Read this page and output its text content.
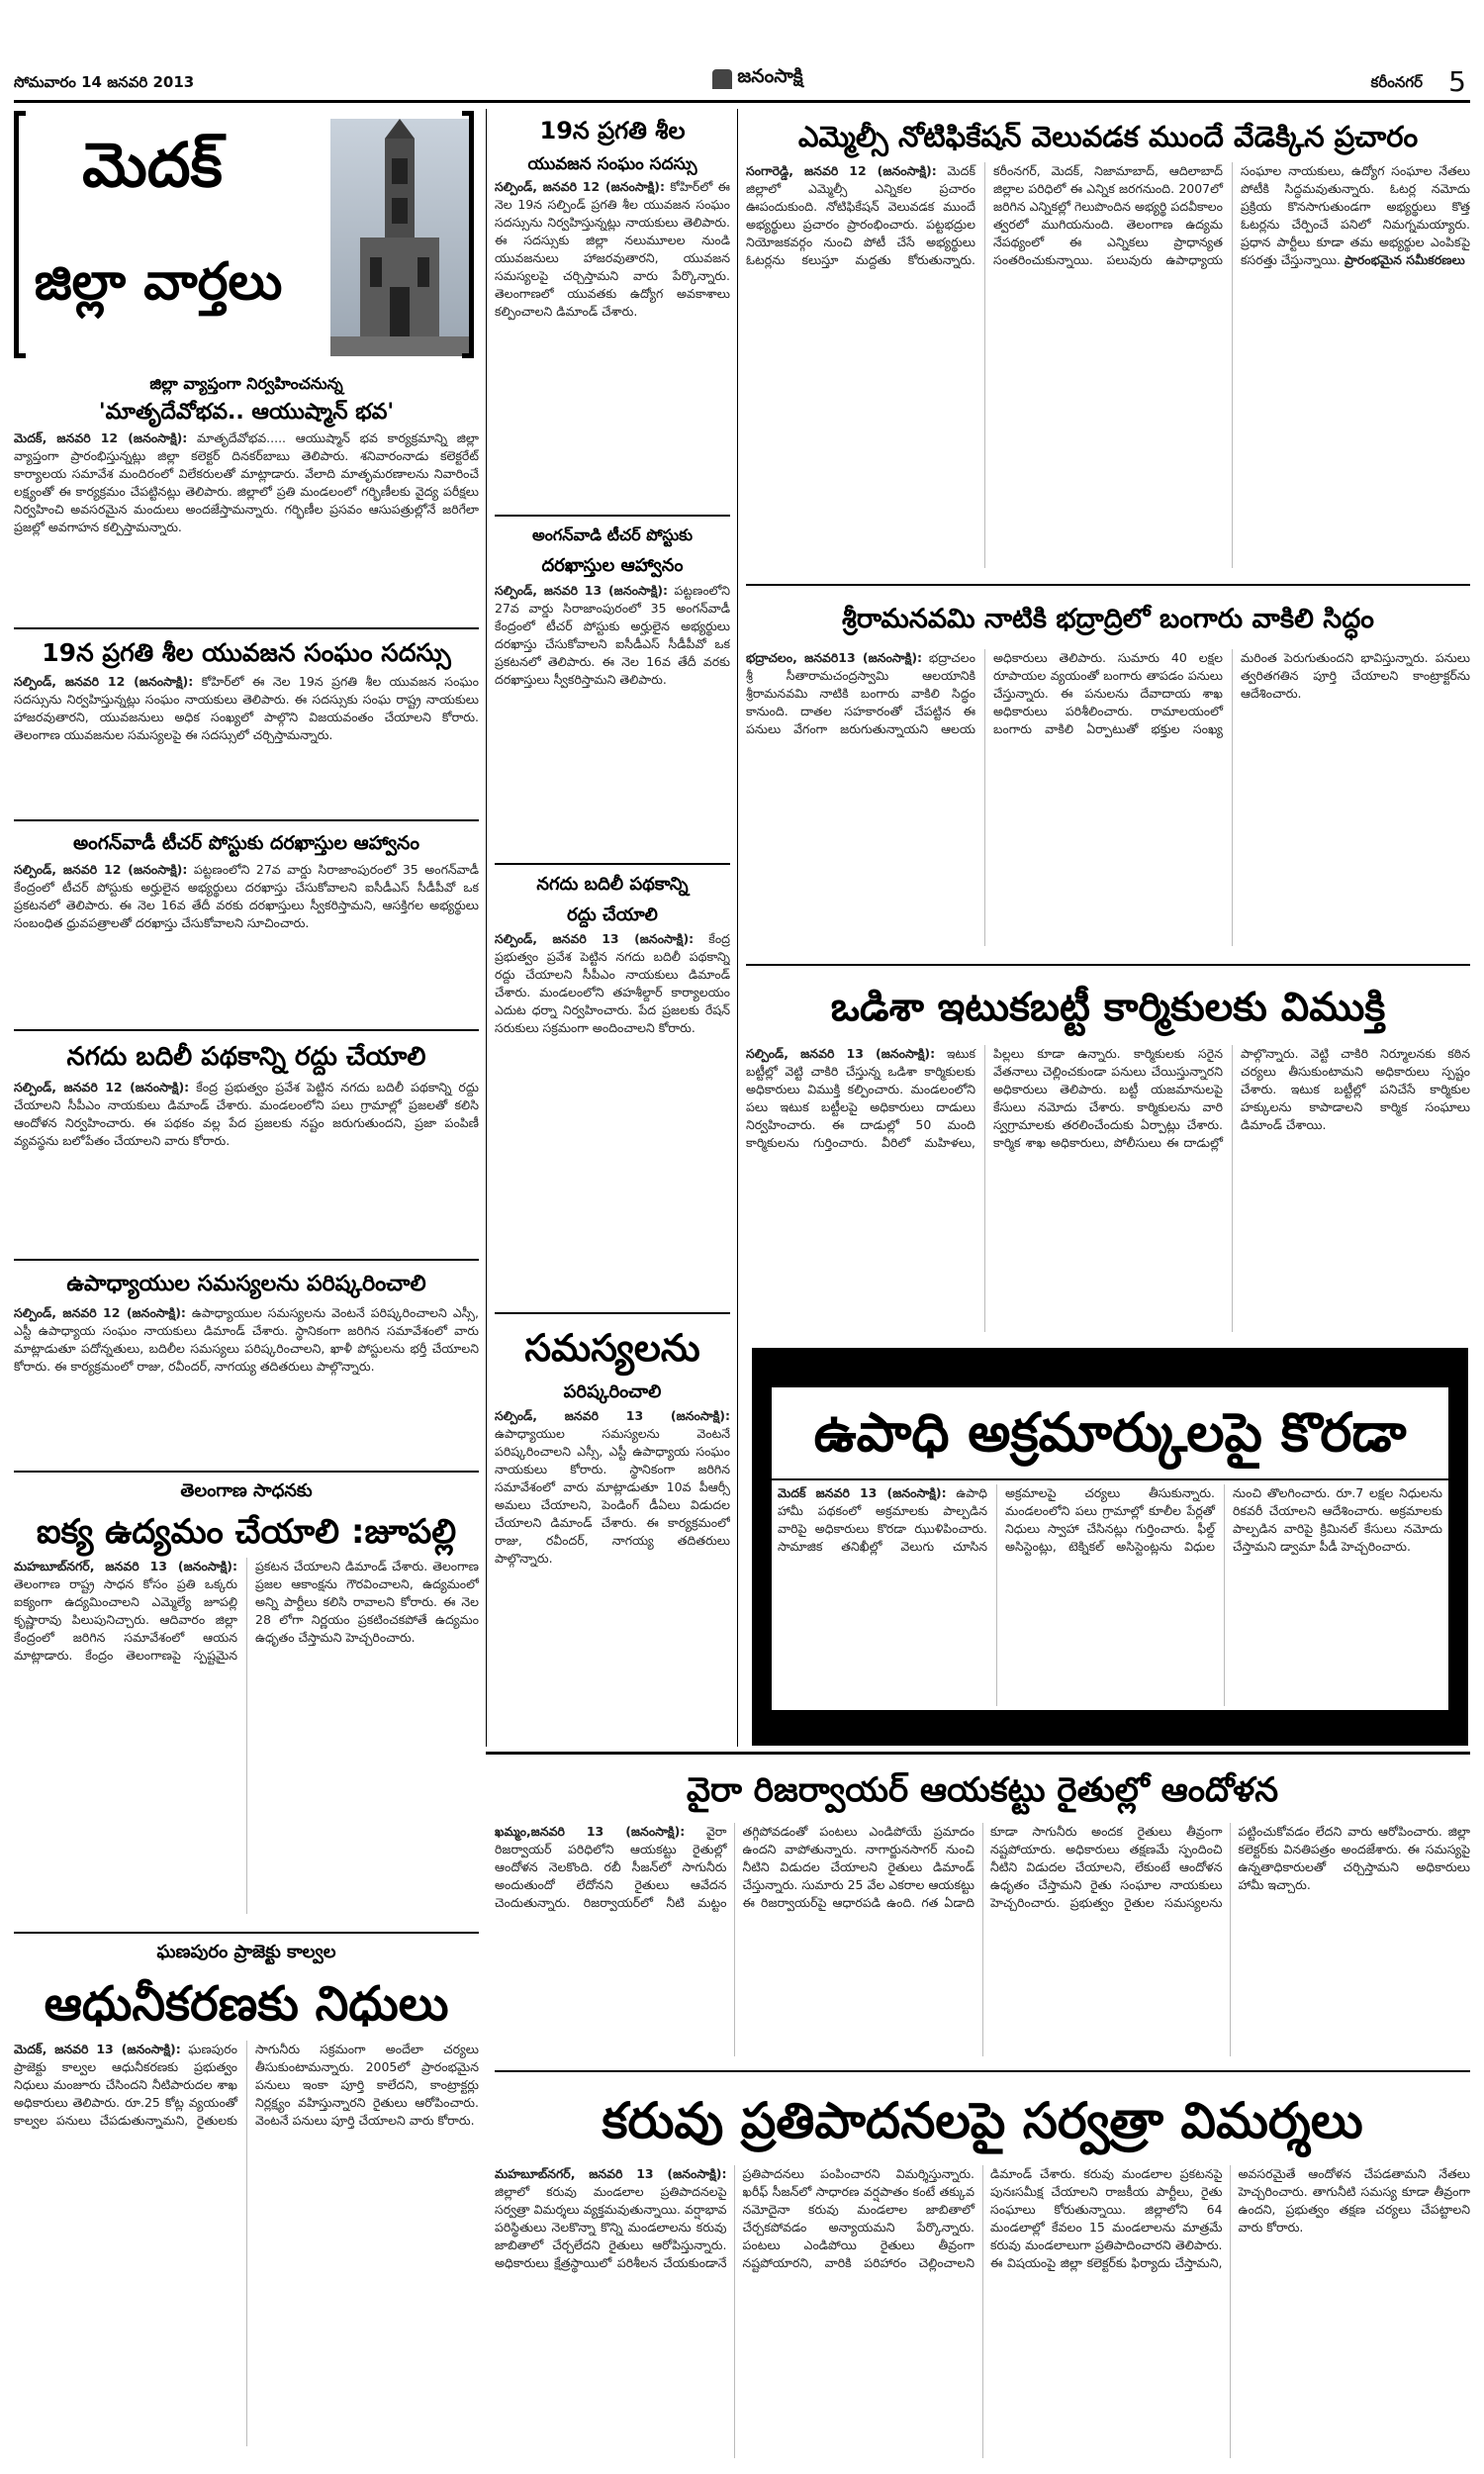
సోమవారం 14 జనవరి 2013	జనంసాక్షి	కరీంనగర్ 5
మెదక్
జిల్లా వార్తలు
జిల్లా వ్యాప్తంగా నిర్వహించనున్న
'మాతృదేవోభవ.. ఆయుష్మాన్ భవ'
మెదక్, జనవరి 12 (జనంసాక్షి): మాతృదేవోభవ..... ఆయుష్మాన్ భవ కార్యక్రమాన్ని జిల్లా వ్యాప్తంగా ప్రారంభిస్తున్నట్లు జిల్లా కలెక్టర్ దినకర్‌బాబు తెలిపారు. శనివారంనాడు కలెక్టరేట్ కార్యాలయ సమావేశ మందిరంలో విలేకరులతో మాట్లాడారు. వేలాది మాతృమరణాలను నివారించే లక్ష్యంతో ఈ కార్యక్రమం చేపట్టినట్లు తెలిపారు. జిల్లాలో ప్రతి మండలంలో గర్భిణీలకు వైద్య పరీక్షలు నిర్వహించి అవసరమైన మందులు అందజేస్తామన్నారు. గర్భిణీల ప్రసవం ఆసుపత్రుల్లోనే జరిగేలా ప్రజల్లో అవగాహన కల్పిస్తామన్నారు.
19న ప్రగతి శీల యువజన సంఘం సదస్సు
సల్పిండ్, జనవరి 12 (జనంసాక్షి): కోహిర్‌లో ఈ నెల 19న ప్రగతి శీల యువజన సంఘం సదస్సును నిర్వహిస్తున్నట్లు సంఘం నాయకులు తెలిపారు. ఈ సదస్సుకు సంఘ రాష్ట్ర నాయకులు హాజరవుతారని, యువజనులు అధిక సంఖ్యలో పాల్గొని విజయవంతం చేయాలని కోరారు. తెలంగాణ యువజనుల సమస్యలపై ఈ సదస్సులో చర్చిస్తామన్నారు.
అంగన్‌వాడీ టీచర్ పోస్టుకు దరఖాస్తుల ఆహ్వానం
సల్పిండ్, జనవరి 12 (జనంసాక్షి): పట్టణంలోని 27వ వార్డు సిరాజాంపురంలో 35 అంగన్‌వాడీ కేంద్రంలో టీచర్ పోస్టుకు అర్హులైన అభ్యర్థులు దరఖాస్తు చేసుకోవాలని ఐసీడీఎస్ సీడీపీవో ఒక ప్రకటనలో తెలిపారు. ఈ నెల 16వ తేదీ వరకు దరఖాస్తులు స్వీకరిస్తామని, ఆసక్తిగల అభ్యర్థులు సంబంధిత ధ్రువపత్రాలతో దరఖాస్తు చేసుకోవాలని సూచించారు.
నగదు బదిలీ పథకాన్ని రద్దు చేయాలి
సల్పిండ్, జనవరి 12 (జనంసాక్షి): కేంద్ర ప్రభుత్వం ప్రవేశ పెట్టిన నగదు బదిలీ పథకాన్ని రద్దు చేయాలని సీపీఎం నాయకులు డిమాండ్ చేశారు. మండలంలోని పలు గ్రామాల్లో ప్రజలతో కలిసి ఆందోళన నిర్వహించారు. ఈ పథకం వల్ల పేద ప్రజలకు నష్టం జరుగుతుందని, ప్రజా పంపిణీ వ్యవస్థను బలోపేతం చేయాలని వారు కోరారు.
ఉపాధ్యాయుల సమస్యలను పరిష్కరించాలి
సల్పిండ్, జనవరి 12 (జనంసాక్షి): ఉపాధ్యాయుల సమస్యలను వెంటనే పరిష్కరించాలని ఎస్సీ, ఎస్టీ ఉపాధ్యాయ సంఘం నాయకులు డిమాండ్ చేశారు. స్థానికంగా జరిగిన సమావేశంలో వారు మాట్లాడుతూ పదోన్నతులు, బదిలీల సమస్యలు పరిష్కరించాలని, ఖాళీ పోస్టులను భర్తీ చేయాలని కోరారు. ఈ కార్యక్రమంలో రాజు, రవీందర్, నాగయ్య తదితరులు పాల్గొన్నారు.
తెలంగాణ సాధనకు
ఐక్య ఉద్యమం చేయాలి :జూపల్లి
మహబూబ్‌నగర్, జనవరి 13 (జనంసాక్షి): తెలంగాణ రాష్ట్ర సాధన కోసం ప్రతి ఒక్కరు ఐక్యంగా ఉద్యమించాలని ఎమ్మెల్యే జూపల్లి కృష్ణారావు పిలుపునిచ్చారు. ఆదివారం జిల్లా కేంద్రంలో జరిగిన సమావేశంలో ఆయన మాట్లాడారు. కేంద్రం తెలంగాణపై స్పష్టమైన ప్రకటన చేయాలని డిమాండ్ చేశారు. తెలంగాణ ప్రజల ఆకాంక్షను గౌరవించాలని, ఉద్యమంలో అన్ని పార్టీలు కలిసి రావాలని కోరారు. ఈ నెల 28 లోగా నిర్ణయం ప్రకటించకపోతే ఉద్యమం ఉధృతం చేస్తామని హెచ్చరించారు.
ఘణపురం ప్రాజెక్టు కాల్వల
ఆధునీకరణకు నిధులు
మెదక్, జనవరి 13 (జనంసాక్షి): ఘణపురం ప్రాజెక్టు కాల్వల ఆధునీకరణకు ప్రభుత్వం నిధులు మంజూరు చేసిందని నీటిపారుదల శాఖ అధికారులు తెలిపారు. రూ.25 కోట్ల వ్యయంతో కాల్వల పనులు చేపడుతున్నామని, రైతులకు సాగునీరు సక్రమంగా అందేలా చర్యలు తీసుకుంటామన్నారు. 2005లో ప్రారంభమైన పనులు ఇంకా పూర్తి కాలేదని, కాంట్రాక్టర్లు నిర్లక్ష్యం వహిస్తున్నారని రైతులు ఆరోపించారు. వెంటనే పనులు పూర్తి చేయాలని వారు కోరారు.
19న ప్రగతి శీల
యువజన సంఘం సదస్సు
సల్పిండ్, జనవరి 12 (జనంసాక్షి): కోహిర్‌లో ఈ నెల 19న సల్పిండ్ ప్రగతి శీల యువజన సంఘం సదస్సును నిర్వహిస్తున్నట్లు నాయకులు తెలిపారు. ఈ సదస్సుకు జిల్లా నలుమూలల నుండి యువజనులు హాజరవుతారని, యువజన సమస్యలపై చర్చిస్తామని వారు పేర్కొన్నారు. తెలంగాణలో యువతకు ఉద్యోగ అవకాశాలు కల్పించాలని డిమాండ్ చేశారు.
అంగన్‌వాడి టీచర్ పోస్టుకు
దరఖాస్తుల ఆహ్వానం
సల్పిండ్, జనవరి 13 (జనంసాక్షి): పట్టణంలోని 27వ వార్డు సిరాజాంపురంలో 35 అంగన్‌వాడీ కేంద్రంలో టీచర్ పోస్టుకు అర్హులైన అభ్యర్థులు దరఖాస్తు చేసుకోవాలని ఐసీడీఎస్ సీడీపీవో ఒక ప్రకటనలో తెలిపారు. ఈ నెల 16వ తేదీ వరకు దరఖాస్తులు స్వీకరిస్తామని తెలిపారు.
నగదు బదిలీ పథకాన్ని
రద్దు చేయాలి
సల్పిండ్, జనవరి 13 (జనంసాక్షి): కేంద్ర ప్రభుత్వం ప్రవేశ పెట్టిన నగదు బదిలీ పథకాన్ని రద్దు చేయాలని సీపీఎం నాయకులు డిమాండ్ చేశారు. మండలంలోని తహశీల్దార్ కార్యాలయం ఎదుట ధర్నా నిర్వహించారు. పేద ప్రజలకు రేషన్ సరుకులు సక్రమంగా అందించాలని కోరారు.
సమస్యలను
పరిష్కరించాలి
సల్పిండ్, జనవరి 13 (జనంసాక్షి): ఉపాధ్యాయుల సమస్యలను వెంటనే పరిష్కరించాలని ఎస్సీ, ఎస్టీ ఉపాధ్యాయ సంఘం నాయకులు కోరారు. స్థానికంగా జరిగిన సమావేశంలో వారు మాట్లాడుతూ 10వ పీఆర్సీ అమలు చేయాలని, పెండింగ్ డీఏలు విడుదల చేయాలని డిమాండ్ చేశారు. ఈ కార్యక్రమంలో రాజు, రవీందర్, నాగయ్య తదితరులు పాల్గొన్నారు.
ఎమ్మెల్సీ నోటిఫికేషన్ వెలువడక ముందే వేడెక్కిన ప్రచారం
సంగారెడ్డి, జనవరి 12 (జనంసాక్షి): మెదక్ జిల్లాలో ఎమ్మెల్సీ ఎన్నికల ప్రచారం ఊపందుకుంది. నోటిఫికేషన్ వెలువడక ముందే అభ్యర్థులు ప్రచారం ప్రారంభించారు. పట్టభద్రుల నియోజకవర్గం నుంచి పోటీ చేసే అభ్యర్థులు ఓటర్లను కలుస్తూ మద్దతు కోరుతున్నారు. కరీంనగర్, మెదక్, నిజామాబాద్, ఆదిలాబాద్ జిల్లాల పరిధిలో ఈ ఎన్నిక జరగనుంది. 2007లో జరిగిన ఎన్నికల్లో గెలుపొందిన అభ్యర్థి పదవీకాలం త్వరలో ముగియనుంది. తెలంగాణ ఉద్యమ నేపథ్యంలో ఈ ఎన్నికలు ప్రాధాన్యత సంతరించుకున్నాయి. పలువురు ఉపాధ్యాయ సంఘాల నాయకులు, ఉద్యోగ సంఘాల నేతలు పోటీకి సిద్ధమవుతున్నారు. ఓటర్ల నమోదు ప్రక్రియ కొనసాగుతుండగా అభ్యర్థులు కొత్త ఓటర్లను చేర్పించే పనిలో నిమగ్నమయ్యారు. ప్రధాన పార్టీలు కూడా తమ అభ్యర్థుల ఎంపికపై కసరత్తు చేస్తున్నాయి. ప్రారంభమైన సమీకరణలు
శ్రీరామనవమి నాటికి భద్రాద్రిలో బంగారు వాకిలి సిద్ధం
భద్రాచలం, జనవరి13 (జనంసాక్షి): భద్రాచలం శ్రీ సీతారామచంద్రస్వామి ఆలయానికి శ్రీరామనవమి నాటికి బంగారు వాకిలి సిద్ధం కానుంది. దాతల సహకారంతో చేపట్టిన ఈ పనులు వేగంగా జరుగుతున్నాయని ఆలయ అధికారులు తెలిపారు. సుమారు 40 లక్షల రూపాయల వ్యయంతో బంగారు తాపడం పనులు చేస్తున్నారు. ఈ పనులను దేవాదాయ శాఖ అధికారులు పరిశీలించారు. రామాలయంలో బంగారు వాకిలి ఏర్పాటుతో భక్తుల సంఖ్య మరింత పెరుగుతుందని భావిస్తున్నారు. పనులు త్వరితగతిన పూర్తి చేయాలని కాంట్రాక్టర్‌ను ఆదేశించారు.
ఒడిశా ఇటుకబట్టీ కార్మికులకు విముక్తి
సల్పిండ్, జనవరి 13 (జనంసాక్షి): ఇటుక బట్టీల్లో వెట్టి చాకిరి చేస్తున్న ఒడిశా కార్మికులకు అధికారులు విముక్తి కల్పించారు. మండలంలోని పలు ఇటుక బట్టీలపై అధికారులు దాడులు నిర్వహించారు. ఈ దాడుల్లో 50 మంది కార్మికులను గుర్తించారు. వీరిలో మహిళలు, పిల్లలు కూడా ఉన్నారు. కార్మికులకు సరైన వేతనాలు చెల్లించకుండా పనులు చేయిస్తున్నారని అధికారులు తెలిపారు. బట్టీ యజమానులపై కేసులు నమోదు చేశారు. కార్మికులను వారి స్వగ్రామాలకు తరలించేందుకు ఏర్పాట్లు చేశారు. కార్మిక శాఖ అధికారులు, పోలీసులు ఈ దాడుల్లో పాల్గొన్నారు. వెట్టి చాకిరి నిర్మూలనకు కఠిన చర్యలు తీసుకుంటామని అధికారులు స్పష్టం చేశారు. ఇటుక బట్టీల్లో పనిచేసే కార్మికుల హక్కులను కాపాడాలని కార్మిక సంఘాలు డిమాండ్ చేశాయి.
ఉపాధి అక్రమార్కులపై కొరడా
మెదక్ జనవరి 13 (జనంసాక్షి): ఉపాధి హామీ పథకంలో అక్రమాలకు పాల్పడిన వారిపై అధికారులు కొరడా ఝుళిపించారు. సామాజిక తనిఖీల్లో వెలుగు చూసిన అక్రమాలపై చర్యలు తీసుకున్నారు. మండలంలోని పలు గ్రామాల్లో కూలీల పేర్లతో నిధులు స్వాహా చేసినట్లు గుర్తించారు. ఫీల్డ్ అసిస్టెంట్లు, టెక్నికల్ అసిస్టెంట్లను విధుల నుంచి తొలగించారు. రూ.7 లక్షల నిధులను రికవరీ చేయాలని ఆదేశించారు. అక్రమాలకు పాల్పడిన వారిపై క్రిమినల్ కేసులు నమోదు చేస్తామని డ్వామా పీడీ హెచ్చరించారు.
వైరా రిజర్వాయర్ ఆయకట్టు రైతుల్లో ఆందోళన
ఖమ్మం,జనవరి 13 (జనంసాక్షి): వైరా రిజర్వాయర్ పరిధిలోని ఆయకట్టు రైతుల్లో ఆందోళన నెలకొంది. రబీ సీజన్‌లో సాగునీరు అందుతుందో లేదోనని రైతులు ఆవేదన చెందుతున్నారు. రిజర్వాయర్‌లో నీటి మట్టం తగ్గిపోవడంతో పంటలు ఎండిపోయే ప్రమాదం ఉందని వాపోతున్నారు. నాగార్జునసాగర్ నుంచి నీటిని విడుదల చేయాలని రైతులు డిమాండ్ చేస్తున్నారు. సుమారు 25 వేల ఎకరాల ఆయకట్టు ఈ రిజర్వాయర్‌పై ఆధారపడి ఉంది. గత ఏడాది కూడా సాగునీరు అందక రైతులు తీవ్రంగా నష్టపోయారు. అధికారులు తక్షణమే స్పందించి నీటిని విడుదల చేయాలని, లేకుంటే ఆందోళన ఉధృతం చేస్తామని రైతు సంఘాల నాయకులు హెచ్చరించారు. ప్రభుత్వం రైతుల సమస్యలను పట్టించుకోవడం లేదని వారు ఆరోపించారు. జిల్లా కలెక్టర్‌కు వినతిపత్రం అందజేశారు. ఈ సమస్యపై ఉన్నతాధికారులతో చర్చిస్తామని అధికారులు హామీ ఇచ్చారు.
కరువు ప్రతిపాదనలపై సర్వత్రా విమర్శలు
మహబూబ్‌నగర్, జనవరి 13 (జనంసాక్షి): జిల్లాలో కరువు మండలాల ప్రతిపాదనలపై సర్వత్రా విమర్శలు వ్యక్తమవుతున్నాయి. వర్షాభావ పరిస్థితులు నెలకొన్నా కొన్ని మండలాలను కరువు జాబితాలో చేర్చలేదని రైతులు ఆరోపిస్తున్నారు. అధికారులు క్షేత్రస్థాయిలో పరిశీలన చేయకుండానే ప్రతిపాదనలు పంపించారని విమర్శిస్తున్నారు. ఖరీఫ్ సీజన్‌లో సాధారణ వర్షపాతం కంటే తక్కువ నమోదైనా కరువు మండలాల జాబితాలో చేర్చకపోవడం అన్యాయమని పేర్కొన్నారు. పంటలు ఎండిపోయి రైతులు తీవ్రంగా నష్టపోయారని, వారికి పరిహారం చెల్లించాలని డిమాండ్ చేశారు. కరువు మండలాల ప్రకటనపై పునఃసమీక్ష చేయాలని రాజకీయ పార్టీలు, రైతు సంఘాలు కోరుతున్నాయి. జిల్లాలోని 64 మండలాల్లో కేవలం 15 మండలాలను మాత్రమే కరువు మండలాలుగా ప్రతిపాదించారని తెలిపారు. ఈ విషయంపై జిల్లా కలెక్టర్‌కు ఫిర్యాదు చేస్తామని, అవసరమైతే ఆందోళన చేపడతామని నేతలు హెచ్చరించారు. తాగునీటి సమస్య కూడా తీవ్రంగా ఉందని, ప్రభుత్వం తక్షణ చర్యలు చేపట్టాలని వారు కోరారు.
